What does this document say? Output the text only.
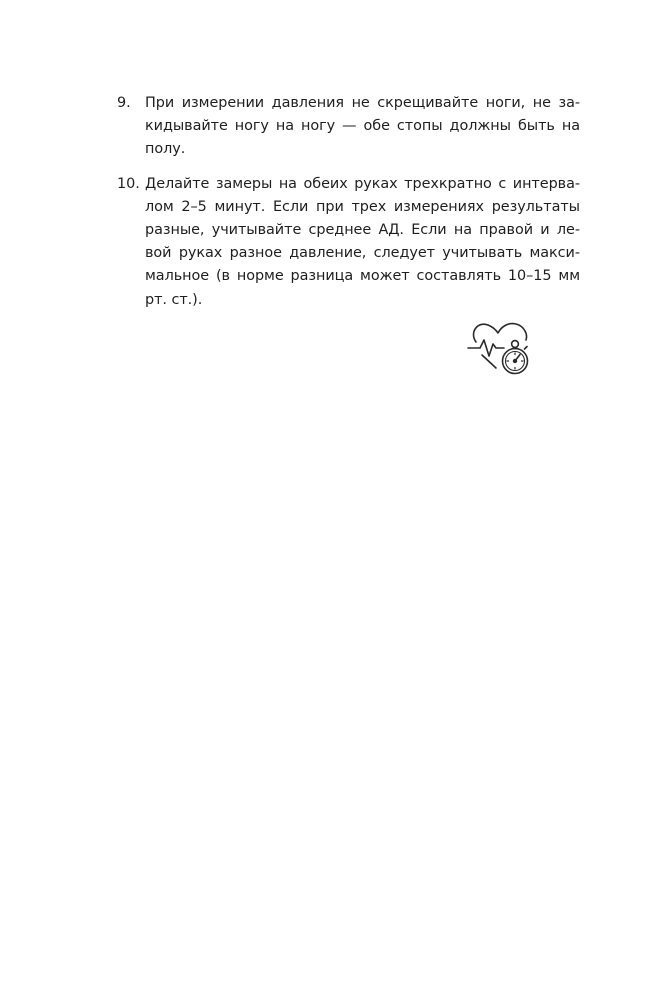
9. При измерении давления не скрещивайте ноги, не за-
кидывайте ногу на ногу — обе стопы должны быть на
полу.

10. Делайте замеры на обеих руках трехкратно с интерва-
лом 2–5 минут. Если при трех измерениях результаты
разные, учитывайте среднее АД. Если на правой и ле-
вой руках разное давление, следует учитывать макси-
мальное (в норме разница может составлять 10–15 мм
рт. ст.).
